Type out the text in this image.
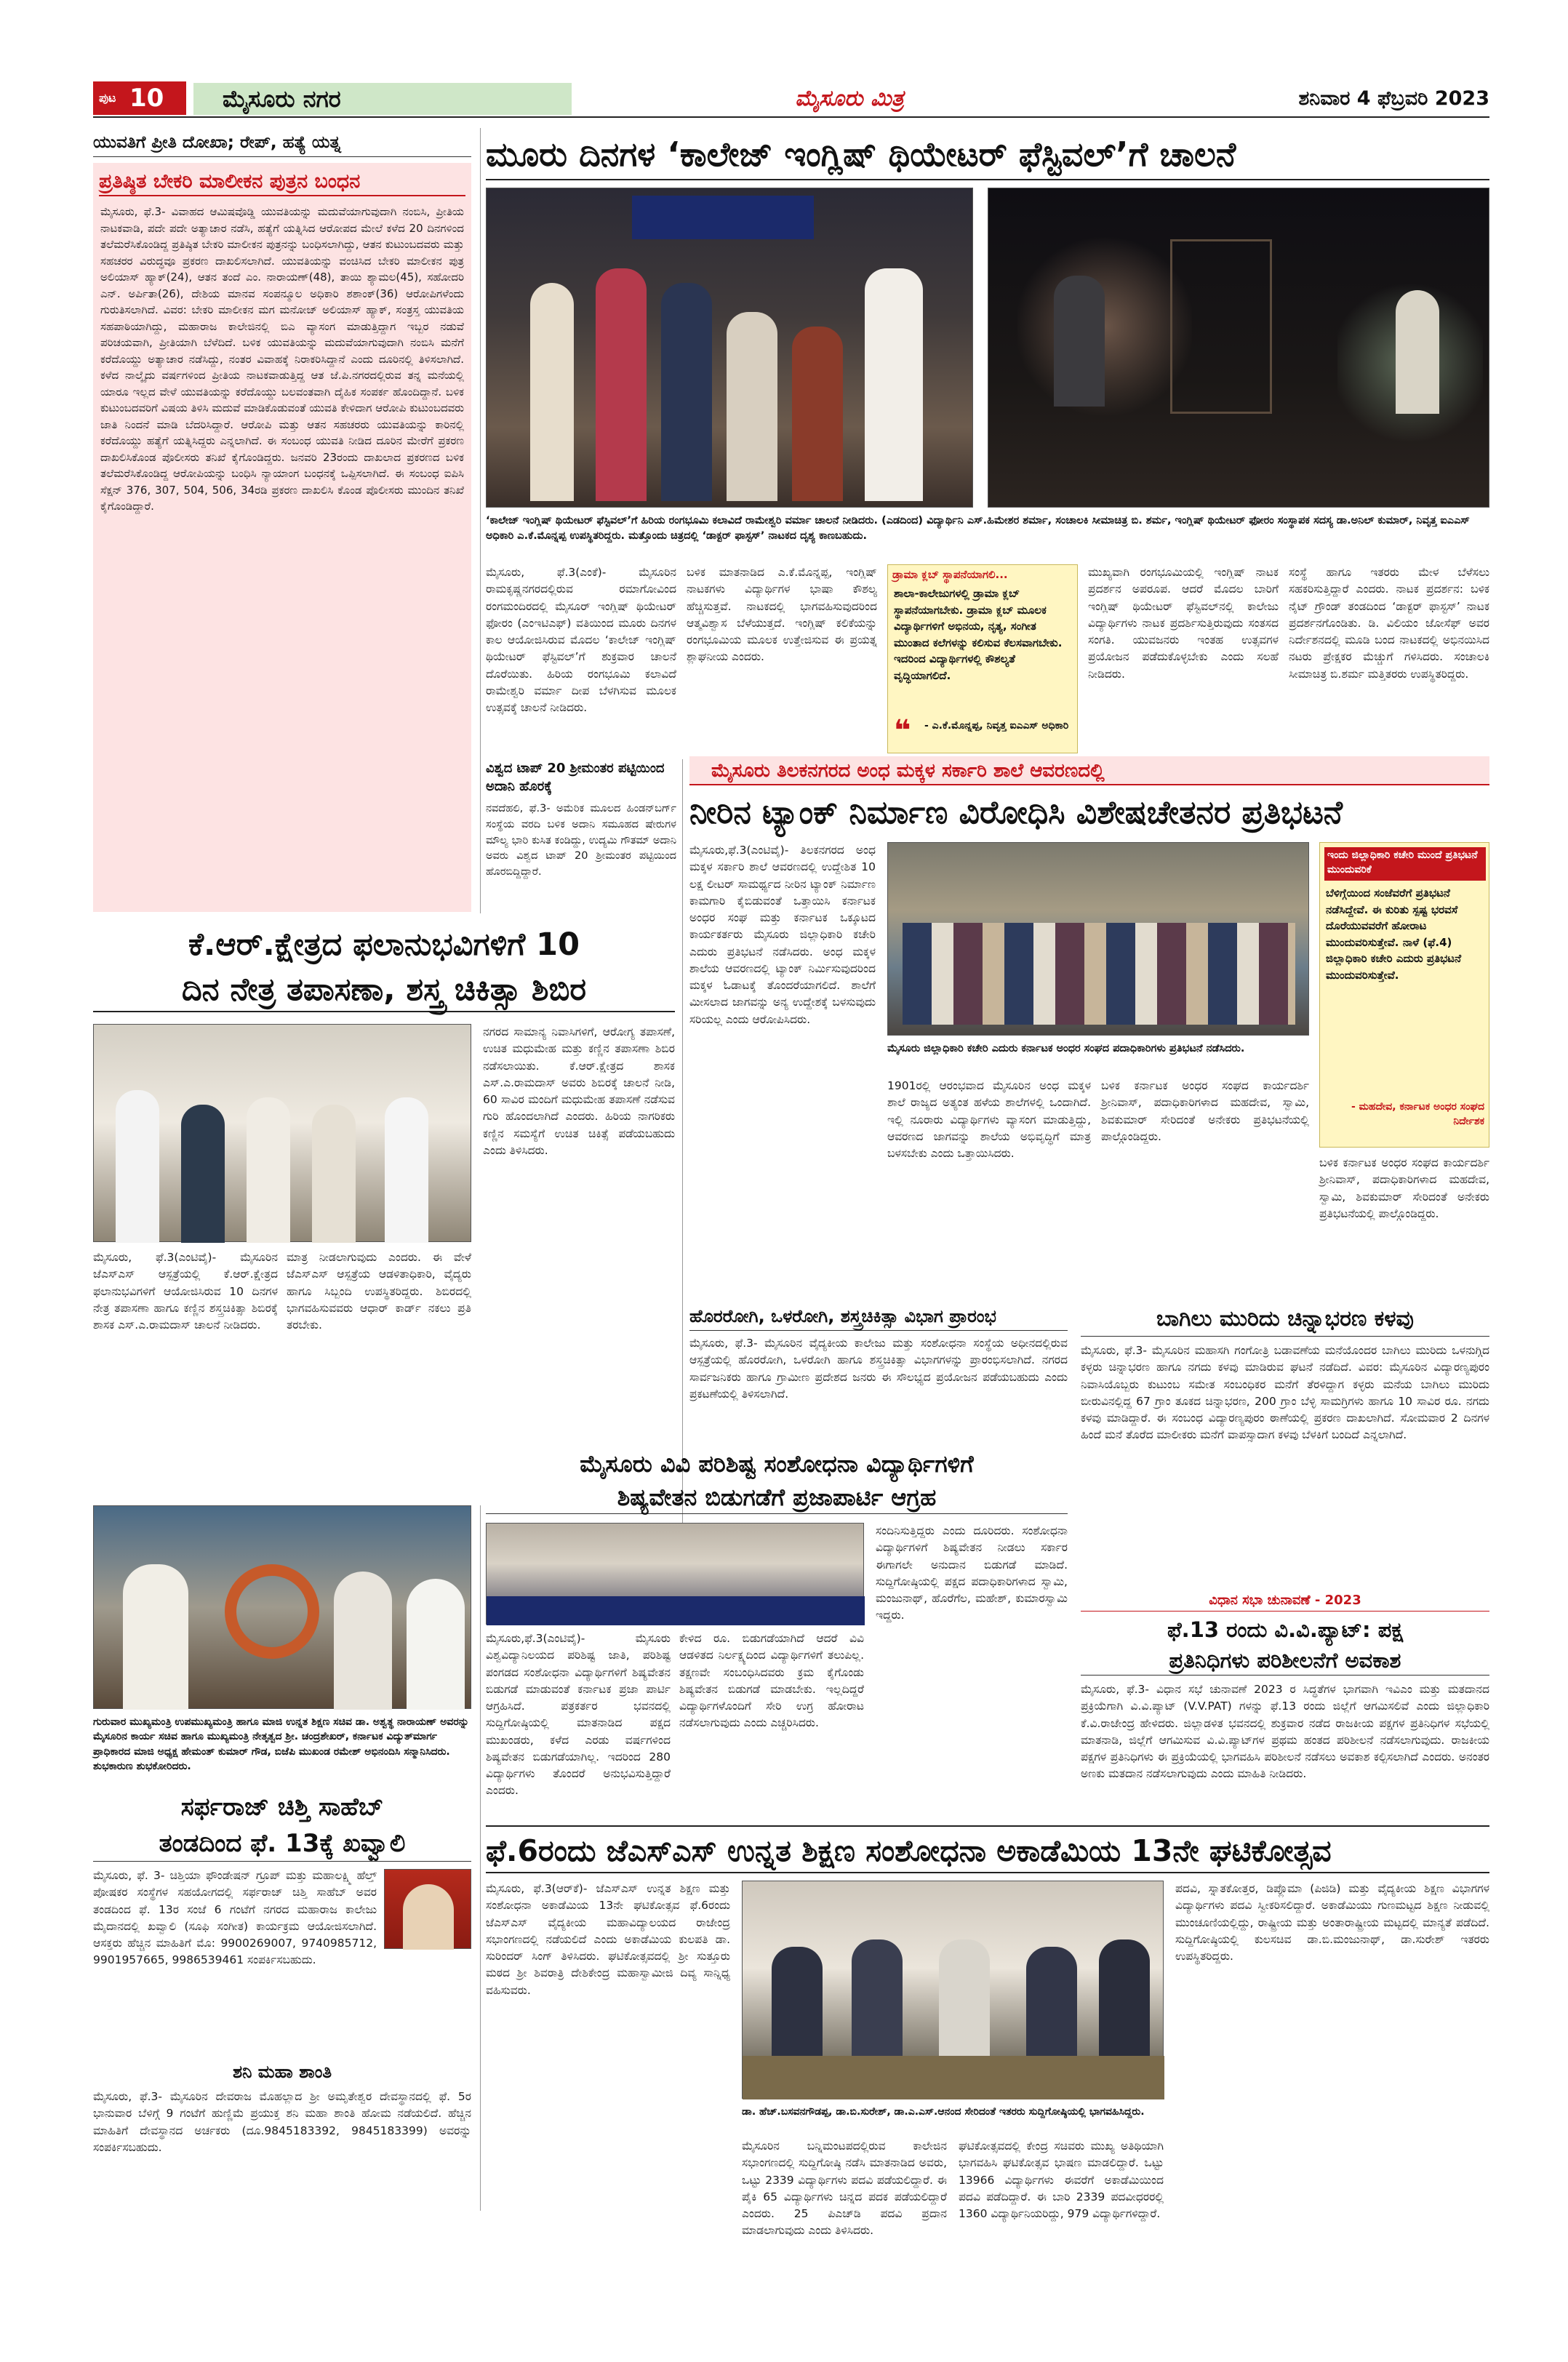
ಪುಟ 10	ಮೈಸೂರು ನಗರ	ಮೈಸೂರು ಮಿತ್ರ	ಶನಿವಾರ 4 ಫೆಬ್ರವರಿ 2023
ಯುವತಿಗೆ ಪ್ರೀತಿ ದೋಖಾ; ರೇಪ್, ಹತ್ಯೆ ಯತ್ನ
ಪ್ರತಿಷ್ಠಿತ ಬೇಕರಿ ಮಾಲೀಕನ ಪುತ್ರನ ಬಂಧನ
ಮೈಸೂರು, ಫೆ.3- ವಿವಾಹದ ಆಮಿಷವೊಡ್ಡಿ ಯುವತಿಯನ್ನು ಮದುವೆಯಾಗುವುದಾಗಿ ನಂಬಿಸಿ, ಪ್ರೀತಿಯ ನಾಟಕವಾಡಿ, ಪದೇ ಪದೇ ಅತ್ಯಾಚಾರ ನಡೆಸಿ, ಹತ್ಯೆಗೆ ಯತ್ನಿಸಿದ ಆರೋಪದ ಮೇಲೆ ಕಳೆದ 20 ದಿನಗಳಿಂದ ತಲೆಮರೆಸಿಕೊಂಡಿದ್ದ ಪ್ರತಿಷ್ಠಿತ ಬೇಕರಿ ಮಾಲೀಕನ ಪುತ್ರನನ್ನು ಬಂಧಿಸಲಾಗಿದ್ದು, ಆತನ ಕುಟುಂಬದವರು ಮತ್ತು ಸಹಚರರ ವಿರುದ್ಧವೂ ಪ್ರಕರಣ ದಾಖಲಿಸಲಾಗಿದೆ. ಯುವತಿಯನ್ನು ವಂಚಿಸಿದ ಬೇಕರಿ ಮಾಲೀಕನ ಪುತ್ರ ಅಲಿಯಾಸ್ ಹ್ಯಾಕ್(24), ಆತನ ತಂದೆ ಎಂ. ನಾರಾಯಣ್(48), ತಾಯಿ ಶ್ಯಾಮಲ(45), ಸಹೋದರಿ ಎನ್. ಅರ್ಪಿತಾ(26), ದೇಶಿಯ ಮಾನವ ಸಂಪನ್ಮೂಲ ಅಧಿಕಾರಿ ಶಶಾಂಕ್(36) ಆರೋಪಿಗಳೆಂದು ಗುರುತಿಸಲಾಗಿದೆ. ವಿವರ: ಬೇಕರಿ ಮಾಲೀಕನ ಮಗ ಮನೋಜ್ ಅಲಿಯಾಸ್ ಹ್ಯಾಕ್, ಸಂತ್ರಸ್ತ ಯುವತಿಯ ಸಹಪಾಠಿಯಾಗಿದ್ದು, ಮಹಾರಾಜ ಕಾಲೇಜಿನಲ್ಲಿ ಬಿಎ ವ್ಯಾಸಂಗ ಮಾಡುತ್ತಿದ್ದಾಗ ಇಬ್ಬರ ನಡುವೆ ಪರಿಚಯವಾಗಿ, ಪ್ರೀತಿಯಾಗಿ ಬೆಳೆದಿದೆ. ಬಳಿಕ ಯುವತಿಯನ್ನು ಮದುವೆಯಾಗುವುದಾಗಿ ನಂಬಿಸಿ ಮನೆಗೆ ಕರೆದೊಯ್ದು ಅತ್ಯಾಚಾರ ನಡೆಸಿದ್ದು, ನಂತರ ವಿವಾಹಕ್ಕೆ ನಿರಾಕರಿಸಿದ್ದಾನೆ ಎಂದು ದೂರಿನಲ್ಲಿ ತಿಳಿಸಲಾಗಿದೆ. ಕಳೆದ ನಾಲ್ಕೈದು ವರ್ಷಗಳಿಂದ ಪ್ರೀತಿಯ ನಾಟಕವಾಡುತ್ತಿದ್ದ ಆತ ಜೆ.ಪಿ.ನಗರದಲ್ಲಿರುವ ತನ್ನ ಮನೆಯಲ್ಲಿ ಯಾರೂ ಇಲ್ಲದ ವೇಳೆ ಯುವತಿಯನ್ನು ಕರೆದೊಯ್ದು ಬಲವಂತವಾಗಿ ದೈಹಿಕ ಸಂಪರ್ಕ ಹೊಂದಿದ್ದಾನೆ. ಬಳಿಕ ಕುಟುಂಬದವರಿಗೆ ವಿಷಯ ತಿಳಿಸಿ ಮದುವೆ ಮಾಡಿಕೊಡುವಂತೆ ಯುವತಿ ಕೇಳಿದಾಗ ಆರೋಪಿ ಕುಟುಂಬದವರು ಜಾತಿ ನಿಂದನೆ ಮಾಡಿ ಬೆದರಿಸಿದ್ದಾರೆ. ಆರೋಪಿ ಮತ್ತು ಆತನ ಸಹಚರರು ಯುವತಿಯನ್ನು ಕಾರಿನಲ್ಲಿ ಕರೆದೊಯ್ದು ಹತ್ಯೆಗೆ ಯತ್ನಿಸಿದ್ದರು ಎನ್ನಲಾಗಿದೆ. ಈ ಸಂಬಂಧ ಯುವತಿ ನೀಡಿದ ದೂರಿನ ಮೇರೆಗೆ ಪ್ರಕರಣ ದಾಖಲಿಸಿಕೊಂಡ ಪೊಲೀಸರು ತನಿಖೆ ಕೈಗೊಂಡಿದ್ದರು. ಜನವರಿ 23ರಂದು ದಾಖಲಾದ ಪ್ರಕರಣದ ಬಳಿಕ ತಲೆಮರೆಸಿಕೊಂಡಿದ್ದ ಆರೋಪಿಯನ್ನು ಬಂಧಿಸಿ ನ್ಯಾಯಾಂಗ ಬಂಧನಕ್ಕೆ ಒಪ್ಪಿಸಲಾಗಿದೆ. ಈ ಸಂಬಂಧ ಐಪಿಸಿ ಸೆಕ್ಷನ್ 376, 307, 504, 506, 34ರಡಿ ಪ್ರಕರಣ ದಾಖಲಿಸಿ ಕೊಂಡ ಪೊಲೀಸರು ಮುಂದಿನ ತನಿಖೆ ಕೈಗೊಂಡಿದ್ದಾರೆ.
ಮೂರು ದಿನಗಳ ‘ಕಾಲೇಜ್ ಇಂಗ್ಲಿಷ್ ಥಿಯೇಟರ್ ಫೆಸ್ಟಿವಲ್’ಗೆ ಚಾಲನೆ
‘ಕಾಲೇಜ್ ಇಂಗ್ಲಿಷ್ ಥಿಯೇಟರ್ ಫೆಸ್ಟಿವಲ್’ಗೆ ಹಿರಿಯ ರಂಗಭೂಮಿ ಕಲಾವಿದೆ ರಾಮೇಶ್ವರಿ ವರ್ಮಾ ಚಾಲನೆ ನೀಡಿದರು. (ಎಡದಿಂದ) ವಿದ್ಯಾರ್ಥಿನಿ ಎಸ್.ಹಿಮೇಶರ ಶರ್ಮಾ, ಸಂಚಾಲಕಿ ಸೀಮಾಚಿತ್ರ ಬಿ. ಶರ್ಮ, ಇಂಗ್ಲಿಷ್ ಥಿಯೇಟರ್ ಫೋರಂ ಸಂಸ್ಥಾಪಕ ಸದಸ್ಯ ಡಾ.ಅನಿಲ್ ಕುಮಾರ್, ನಿವೃತ್ತ ಐಎಎಸ್ ಅಧಿಕಾರಿ ಎ.ಕೆ.ಮೊನ್ನಪ್ಪ ಉಪಸ್ಥಿತರಿದ್ದರು. ಮತ್ತೊಂದು ಚಿತ್ರದಲ್ಲಿ ‘ಡಾಕ್ಟರ್ ಫಾಸ್ಟಸ್’ ನಾಟಕದ ದೃಶ್ಯ ಕಾಣಬಹುದು.
ಮೈಸೂರು, ಫೆ.3(ಎಂಕೆ)- ಮೈಸೂರಿನ ರಾಮಕೃಷ್ಣನಗರದಲ್ಲಿರುವ ರಮಾಗೋವಿಂದ ರಂಗಮಂದಿರದಲ್ಲಿ ಮೈಸೂರ್ ಇಂಗ್ಲಿಷ್ ಥಿಯೇಟರ್ ಫೋರಂ (ಎಂಇಟಿಎಫ್) ವತಿಯಿಂದ ಮೂರು ದಿನಗಳ ಕಾಲ ಆಯೋಜಿಸಿರುವ ಮೊದಲ ‘ಕಾಲೇಜ್ ಇಂಗ್ಲಿಷ್ ಥಿಯೇಟರ್ ಫೆಸ್ಟಿವಲ್’ಗೆ ಶುಕ್ರವಾರ ಚಾಲನೆ ದೊರೆಯಿತು. ಹಿರಿಯ ರಂಗಭೂಮಿ ಕಲಾವಿದೆ ರಾಮೇಶ್ವರಿ ವರ್ಮಾ ದೀಪ ಬೆಳಗಿಸುವ ಮೂಲಕ ಉತ್ಸವಕ್ಕೆ ಚಾಲನೆ ನೀಡಿದರು.
ಬಳಿಕ ಮಾತನಾಡಿದ ಎ.ಕೆ.ಮೊನ್ನಪ್ಪ, ಇಂಗ್ಲಿಷ್ ನಾಟಕಗಳು ವಿದ್ಯಾರ್ಥಿಗಳ ಭಾಷಾ ಕೌಶಲ್ಯ ಹೆಚ್ಚಿಸುತ್ತವೆ. ನಾಟಕದಲ್ಲಿ ಭಾಗವಹಿಸುವುದರಿಂದ ಆತ್ಮವಿಶ್ವಾಸ ಬೆಳೆಯುತ್ತದೆ. ಇಂಗ್ಲಿಷ್ ಕಲಿಕೆಯನ್ನು ರಂಗಭೂಮಿಯ ಮೂಲಕ ಉತ್ತೇಜಿಸುವ ಈ ಪ್ರಯತ್ನ ಶ್ಲಾಘನೀಯ ಎಂದರು.
ಡ್ರಾಮಾ ಕ್ಲಬ್ ಸ್ಥಾಪನೆಯಾಗಲಿ...
ಶಾಲಾ-ಕಾಲೇಜುಗಳಲ್ಲಿ ಡ್ರಾಮಾ ಕ್ಲಬ್ ಸ್ಥಾಪನೆಯಾಗಬೇಕು. ಡ್ರಾಮಾ ಕ್ಲಬ್ ಮೂಲಕ ವಿದ್ಯಾರ್ಥಿಗಳಿಗೆ ಅಭಿನಯ, ನೃತ್ಯ, ಸಂಗೀತ ಮುಂತಾದ ಕಲೆಗಳನ್ನು ಕಲಿಸುವ ಕೆಲಸವಾಗಬೇಕು. ಇದರಿಂದ ವಿದ್ಯಾರ್ಥಿಗಳಲ್ಲಿ ಕೌಶಲ್ಯತೆ ವೃದ್ಧಿಯಾಗಲಿದೆ.
❝ - ಎ.ಕೆ.ಮೊನ್ನಪ್ಪ, ನಿವೃತ್ತ ಐಎಎಸ್ ಅಧಿಕಾರಿ
ಮುಖ್ಯವಾಗಿ ರಂಗಭೂಮಿಯಲ್ಲಿ ಇಂಗ್ಲಿಷ್ ನಾಟಕ ಪ್ರದರ್ಶನ ಅಪರೂಪ. ಆದರೆ ಮೊದಲ ಬಾರಿಗೆ ಇಂಗ್ಲಿಷ್ ಥಿಯೇಟರ್ ಫೆಸ್ಟಿವಲ್‌ನಲ್ಲಿ ಕಾಲೇಜು ವಿದ್ಯಾರ್ಥಿಗಳು ನಾಟಕ ಪ್ರದರ್ಶಿಸುತ್ತಿರುವುದು ಸಂತಸದ ಸಂಗತಿ. ಯುವಜನರು ಇಂತಹ ಉತ್ಸವಗಳ ಪ್ರಯೋಜನ ಪಡೆದುಕೊಳ್ಳಬೇಕು ಎಂದು ಸಲಹೆ ನೀಡಿದರು.
ಸಂಸ್ಥೆ ಹಾಗೂ ಇತರರು ಮೇಳ ಬೆಳೆಸಲು ಸಹಕರಿಸುತ್ತಿದ್ದಾರೆ ಎಂದರು. ನಾಟಕ ಪ್ರದರ್ಶನ: ಬಳಿಕ ನೈಟ್ ಗ್ರೌಂಡ್ ತಂಡದಿಂದ ‘ಡಾಕ್ಟರ್ ಫಾಸ್ಟಸ್’ ನಾಟಕ ಪ್ರದರ್ಶನಗೊಂಡಿತು. ಡಿ. ವಿಲಿಯಂ ಜೋಸೆಫ್ ಅವರ ನಿರ್ದೇಶನದಲ್ಲಿ ಮೂಡಿ ಬಂದ ನಾಟಕದಲ್ಲಿ ಅಭಿನಯಿಸಿದ ನಟರು ಪ್ರೇಕ್ಷಕರ ಮೆಚ್ಚುಗೆ ಗಳಿಸಿದರು. ಸಂಚಾಲಕಿ ಸೀಮಾಚಿತ್ರ ಬಿ.ಶರ್ಮ ಮತ್ತಿತರರು ಉಪಸ್ಥಿತರಿದ್ದರು.
ವಿಶ್ವದ ಟಾಪ್ 20 ಶ್ರೀಮಂತರ ಪಟ್ಟಿಯಿಂದ ಅದಾನಿ ಹೊರಕ್ಕೆ
ನವದೆಹಲಿ, ಫೆ.3- ಅಮೆರಿಕ ಮೂಲದ ಹಿಂಡನ್‌ಬರ್ಗ್ ಸಂಸ್ಥೆಯ ವರದಿ ಬಳಿಕ ಅದಾನಿ ಸಮೂಹದ ಷೇರುಗಳ ಮೌಲ್ಯ ಭಾರಿ ಕುಸಿತ ಕಂಡಿದ್ದು, ಉದ್ಯಮಿ ಗೌತಮ್ ಅದಾನಿ ಅವರು ವಿಶ್ವದ ಟಾಪ್ 20 ಶ್ರೀಮಂತರ ಪಟ್ಟಿಯಿಂದ ಹೊರಬಿದ್ದಿದ್ದಾರೆ.
ಮೈಸೂರು ತಿಲಕನಗರದ ಅಂಧ ಮಕ್ಕಳ ಸರ್ಕಾರಿ ಶಾಲೆ ಆವರಣದಲ್ಲಿ
ನೀರಿನ ಟ್ಯಾಂಕ್ ನಿರ್ಮಾಣ ವಿರೋಧಿಸಿ ವಿಶೇಷಚೇತನರ ಪ್ರತಿಭಟನೆ
ಮೈಸೂರು,ಫೆ.3(ಎಂಟಿವೈ)- ತಿಲಕನಗರದ ಅಂಧ ಮಕ್ಕಳ ಸರ್ಕಾರಿ ಶಾಲೆ ಆವರಣದಲ್ಲಿ ಉದ್ದೇಶಿತ 10 ಲಕ್ಷ ಲೀಟರ್ ಸಾಮರ್ಥ್ಯದ ನೀರಿನ ಟ್ಯಾಂಕ್ ನಿರ್ಮಾಣ ಕಾಮಗಾರಿ ಕೈಬಿಡುವಂತೆ ಒತ್ತಾಯಿಸಿ ಕರ್ನಾಟಕ ಅಂಧರ ಸಂಘ ಮತ್ತು ಕರ್ನಾಟಕ ಒಕ್ಕೂಟದ ಕಾರ್ಯಕರ್ತರು ಮೈಸೂರು ಜಿಲ್ಲಾಧಿಕಾರಿ ಕಚೇರಿ ಎದುರು ಪ್ರತಿಭಟನೆ ನಡೆಸಿದರು. ಅಂಧ ಮಕ್ಕಳ ಶಾಲೆಯ ಆವರಣದಲ್ಲಿ ಟ್ಯಾಂಕ್ ನಿರ್ಮಿಸುವುದರಿಂದ ಮಕ್ಕಳ ಓಡಾಟಕ್ಕೆ ತೊಂದರೆಯಾಗಲಿದೆ. ಶಾಲೆಗೆ ಮೀಸಲಾದ ಜಾಗವನ್ನು ಅನ್ಯ ಉದ್ದೇಶಕ್ಕೆ ಬಳಸುವುದು ಸರಿಯಲ್ಲ ಎಂದು ಆರೋಪಿಸಿದರು.
ಮೈಸೂರು ಜಿಲ್ಲಾಧಿಕಾರಿ ಕಚೇರಿ ಎದುರು ಕರ್ನಾಟಕ ಅಂಧರ ಸಂಘದ ಪದಾಧಿಕಾರಿಗಳು ಪ್ರತಿಭಟನೆ ನಡೆಸಿದರು.
1901ರಲ್ಲಿ ಆರಂಭವಾದ ಮೈಸೂರಿನ ಅಂಧ ಮಕ್ಕಳ ಶಾಲೆ ರಾಜ್ಯದ ಅತ್ಯಂತ ಹಳೆಯ ಶಾಲೆಗಳಲ್ಲಿ ಒಂದಾಗಿದೆ. ಇಲ್ಲಿ ನೂರಾರು ವಿದ್ಯಾರ್ಥಿಗಳು ವ್ಯಾಸಂಗ ಮಾಡುತ್ತಿದ್ದು, ಆವರಣದ ಜಾಗವನ್ನು ಶಾಲೆಯ ಅಭಿವೃದ್ಧಿಗೆ ಮಾತ್ರ ಬಳಸಬೇಕು ಎಂದು ಒತ್ತಾಯಿಸಿದರು.
ಇಂದು ಜಿಲ್ಲಾಧಿಕಾರಿ ಕಚೇರಿ ಮುಂದೆ ಪ್ರತಿಭಟನೆ ಮುಂದುವರಿಕೆ
ಬೆಳಿಗ್ಗೆಯಿಂದ ಸಂಜೆವರೆಗೆ ಪ್ರತಿಭಟನೆ ನಡೆಸಿದ್ದೇವೆ. ಈ ಕುರಿತು ಸ್ಪಷ್ಟ ಭರವಸೆ ದೊರೆಯುವವರೆಗೆ ಹೋರಾಟ ಮುಂದುವರಿಸುತ್ತೇವೆ. ನಾಳೆ (ಫೆ.4) ಜಿಲ್ಲಾಧಿಕಾರಿ ಕಚೇರಿ ಎದುರು ಪ್ರತಿಭಟನೆ ಮುಂದುವರಿಸುತ್ತೇವೆ.
- ಮಹದೇವ, ಕರ್ನಾಟಕ ಅಂಧರ ಸಂಘದ ನಿರ್ದೇಶಕ
ಬಳಿಕ ಕರ್ನಾಟಕ ಅಂಧರ ಸಂಘದ ಕಾರ್ಯದರ್ಶಿ ಶ್ರೀನಿವಾಸ್, ಪದಾಧಿಕಾರಿಗಳಾದ ಮಹದೇವ, ಸ್ವಾಮಿ, ಶಿವಕುಮಾರ್ ಸೇರಿದಂತೆ ಅನೇಕರು ಪ್ರತಿಭಟನೆಯಲ್ಲಿ ಪಾಲ್ಗೊಂಡಿದ್ದರು.
ಬಳಿಕ ಕರ್ನಾಟಕ ಅಂಧರ ಸಂಘದ ಕಾರ್ಯದರ್ಶಿ ಶ್ರೀನಿವಾಸ್, ಪದಾಧಿಕಾರಿಗಳಾದ ಮಹದೇವ, ಸ್ವಾಮಿ, ಶಿವಕುಮಾರ್ ಸೇರಿದಂತೆ ಅನೇಕರು ಪ್ರತಿಭಟನೆಯಲ್ಲಿ ಪಾಲ್ಗೊಂಡಿದ್ದರು.
ಕೆ.ಆರ್.ಕ್ಷೇತ್ರದ ಫಲಾನುಭವಿಗಳಿಗೆ 10
ದಿನ ನೇತ್ರ ತಪಾಸಣಾ, ಶಸ್ತ್ರ ಚಿಕಿತ್ಸಾ ಶಿಬಿರ
ನಗರದ ಸಾಮಾನ್ಯ ನಿವಾಸಿಗಳಿಗೆ, ಆರೋಗ್ಯ ತಪಾಸಣೆ, ಉಚಿತ ಮಧುಮೇಹ ಮತ್ತು ಕಣ್ಣಿನ ತಪಾಸಣಾ ಶಿಬಿರ ನಡೆಸಲಾಯಿತು. ಕೆ.ಆರ್.ಕ್ಷೇತ್ರದ ಶಾಸಕ ಎಸ್.ಎ.ರಾಮದಾಸ್ ಅವರು ಶಿಬಿರಕ್ಕೆ ಚಾಲನೆ ನೀಡಿ, 60 ಸಾವಿರ ಮಂದಿಗೆ ಮಧುಮೇಹ ತಪಾಸಣೆ ನಡೆಸುವ ಗುರಿ ಹೊಂದಲಾಗಿದೆ ಎಂದರು. ಹಿರಿಯ ನಾಗರಿಕರು ಕಣ್ಣಿನ ಸಮಸ್ಯೆಗೆ ಉಚಿತ ಚಿಕಿತ್ಸೆ ಪಡೆಯಬಹುದು ಎಂದು ತಿಳಿಸಿದರು.
ಮೈಸೂರು, ಫೆ.3(ಎಂಟಿವೈ)- ಮೈಸೂರಿನ ಜೆಎಸ್‌ಎಸ್ ಆಸ್ಪತ್ರೆಯಲ್ಲಿ ಕೆ.ಆರ್.ಕ್ಷೇತ್ರದ ಫಲಾನುಭವಿಗಳಿಗೆ ಆಯೋಜಿಸಿರುವ 10 ದಿನಗಳ ನೇತ್ರ ತಪಾಸಣಾ ಹಾಗೂ ಕಣ್ಣಿನ ಶಸ್ತ್ರಚಿಕಿತ್ಸಾ ಶಿಬಿರಕ್ಕೆ ಶಾಸಕ ಎಸ್.ಎ.ರಾಮದಾಸ್ ಚಾಲನೆ ನೀಡಿದರು.
ಮಾತ್ರ ನೀಡಲಾಗುವುದು ಎಂದರು. ಈ ವೇಳೆ ಜೆಎಸ್‌ಎಸ್ ಆಸ್ಪತ್ರೆಯ ಆಡಳಿತಾಧಿಕಾರಿ, ವೈದ್ಯರು ಹಾಗೂ ಸಿಬ್ಬಂದಿ ಉಪಸ್ಥಿತರಿದ್ದರು. ಶಿಬಿರದಲ್ಲಿ ಭಾಗವಹಿಸುವವರು ಆಧಾರ್ ಕಾರ್ಡ್ ನಕಲು ಪ್ರತಿ ತರಬೇಕು.	ಹೊರರೋಗಿ, ಒಳರೋಗಿ, ಶಸ್ತ್ರಚಿಕಿತ್ಸಾ ವಿಭಾಗ ಪ್ರಾರಂಭ
ಮೈಸೂರು, ಫೆ.3- ಮೈಸೂರಿನ ವೈದ್ಯಕೀಯ ಕಾಲೇಜು ಮತ್ತು ಸಂಶೋಧನಾ ಸಂಸ್ಥೆಯ ಅಧೀನದಲ್ಲಿರುವ ಆಸ್ಪತ್ರೆಯಲ್ಲಿ ಹೊರರೋಗಿ, ಒಳರೋಗಿ ಹಾಗೂ ಶಸ್ತ್ರಚಿಕಿತ್ಸಾ ವಿಭಾಗಗಳನ್ನು ಪ್ರಾರಂಭಿಸಲಾಗಿದೆ. ನಗರದ ಸಾರ್ವಜನಿಕರು ಹಾಗೂ ಗ್ರಾಮೀಣ ಪ್ರದೇಶದ ಜನರು ಈ ಸೌಲಭ್ಯದ ಪ್ರಯೋಜನ ಪಡೆಯಬಹುದು ಎಂದು ಪ್ರಕಟಣೆಯಲ್ಲಿ ತಿಳಿಸಲಾಗಿದೆ.
ಬಾಗಿಲು ಮುರಿದು ಚಿನ್ನಾಭರಣ ಕಳವು
ಮೈಸೂರು, ಫೆ.3- ಮೈಸೂರಿನ ಮಹಾಸಗಿ ಗಂಗೋತ್ರಿ ಬಡಾವಣೆಯ ಮನೆಯೊಂದರ ಬಾಗಿಲು ಮುರಿದು ಒಳನುಗ್ಗಿದ ಕಳ್ಳರು ಚಿನ್ನಾಭರಣ ಹಾಗೂ ನಗದು ಕಳವು ಮಾಡಿರುವ ಘಟನೆ ನಡೆದಿದೆ. ವಿವರ: ಮೈಸೂರಿನ ವಿದ್ಯಾರಣ್ಯಪುರಂ ನಿವಾಸಿಯೊಬ್ಬರು ಕುಟುಂಬ ಸಮೇತ ಸಂಬಂಧಿಕರ ಮನೆಗೆ ತೆರಳಿದ್ದಾಗ ಕಳ್ಳರು ಮನೆಯ ಬಾಗಿಲು ಮುರಿದು ಬೀರುವಿನಲ್ಲಿದ್ದ 67 ಗ್ರಾಂ ತೂಕದ ಚಿನ್ನಾಭರಣ, 200 ಗ್ರಾಂ ಬೆಳ್ಳಿ ಸಾಮಗ್ರಿಗಳು ಹಾಗೂ 10 ಸಾವಿರ ರೂ. ನಗದು ಕಳವು ಮಾಡಿದ್ದಾರೆ. ಈ ಸಂಬಂಧ ವಿದ್ಯಾರಣ್ಯಪುರಂ ಠಾಣೆಯಲ್ಲಿ ಪ್ರಕರಣ ದಾಖಲಾಗಿದೆ. ಸೋಮವಾರ 2 ದಿನಗಳ ಹಿಂದೆ ಮನೆ ತೊರೆದ ಮಾಲೀಕರು ಮನೆಗೆ ವಾಪಸ್ಸಾದಾಗ ಕಳವು ಬೆಳಕಿಗೆ ಬಂದಿದೆ ಎನ್ನಲಾಗಿದೆ.
ಮೈಸೂರು ವಿವಿ ಪರಿಶಿಷ್ಟ ಸಂಶೋಧನಾ ವಿದ್ಯಾರ್ಥಿಗಳಿಗೆ
ಶಿಷ್ಯವೇತನ ಬಿಡುಗಡೆಗೆ ಪ್ರಜಾಪಾರ್ಟಿ ಆಗ್ರಹ
ಮೈಸೂರು,ಫೆ.3(ಎಂಟಿವೈ)- ಮೈಸೂರು ವಿಶ್ವವಿದ್ಯಾನಿಲಯದ ಪರಿಶಿಷ್ಟ ಜಾತಿ, ಪರಿಶಿಷ್ಟ ಪಂಗಡದ ಸಂಶೋಧನಾ ವಿದ್ಯಾರ್ಥಿಗಳಿಗೆ ಶಿಷ್ಯವೇತನ ಬಿಡುಗಡೆ ಮಾಡುವಂತೆ ಕರ್ನಾಟಕ ಪ್ರಜಾ ಪಾರ್ಟಿ ಆಗ್ರಹಿಸಿದೆ. ಪತ್ರಕರ್ತರ ಭವನದಲ್ಲಿ ಸುದ್ದಿಗೋಷ್ಠಿಯಲ್ಲಿ ಮಾತನಾಡಿದ ಪಕ್ಷದ ಮುಖಂಡರು, ಕಳೆದ ಎರಡು ವರ್ಷಗಳಿಂದ ಶಿಷ್ಯವೇತನ ಬಿಡುಗಡೆಯಾಗಿಲ್ಲ. ಇದರಿಂದ 280 ವಿದ್ಯಾರ್ಥಿಗಳು ತೊಂದರೆ ಅನುಭವಿಸುತ್ತಿದ್ದಾರೆ ಎಂದರು.
ಕೇಳಿದ ರೂ. ಬಿಡುಗಡೆಯಾಗಿದೆ ಆದರೆ ವಿವಿ ಆಡಳಿತದ ನಿರ್ಲಕ್ಷ್ಯದಿಂದ ವಿದ್ಯಾರ್ಥಿಗಳಿಗೆ ತಲುಪಿಲ್ಲ. ತಕ್ಷಣವೇ ಸಂಬಂಧಿಸಿದವರು ಕ್ರಮ ಕೈಗೊಂಡು ಶಿಷ್ಯವೇತನ ಬಿಡುಗಡೆ ಮಾಡಬೇಕು. ಇಲ್ಲದಿದ್ದರೆ ವಿದ್ಯಾರ್ಥಿಗಳೊಂದಿಗೆ ಸೇರಿ ಉಗ್ರ ಹೋರಾಟ ನಡೆಸಲಾಗುವುದು ಎಂದು ಎಚ್ಚರಿಸಿದರು.
ಸಂದಿನಿಸುತ್ತಿದ್ದರು ಎಂದು ದೂರಿದರು. ಸಂಶೋಧನಾ ವಿದ್ಯಾರ್ಥಿಗಳಿಗೆ ಶಿಷ್ಯವೇತನ ನೀಡಲು ಸರ್ಕಾರ ಈಗಾಗಲೇ ಅನುದಾನ ಬಿಡುಗಡೆ ಮಾಡಿದೆ. ಸುದ್ದಿಗೋಷ್ಠಿಯಲ್ಲಿ ಪಕ್ಷದ ಪದಾಧಿಕಾರಿಗಳಾದ ಸ್ವಾಮಿ, ಮಂಜುನಾಥ್, ಹೊರೆಗೆಲ, ಮಹೇಶ್, ಕುಮಾರಸ್ವಾಮಿ ಇದ್ದರು.
ಗುರುವಾರ ಮುಖ್ಯಮಂತ್ರಿ ಉಪಮುಖ್ಯಮಂತ್ರಿ ಹಾಗೂ ಮಾಜಿ ಉನ್ನತ ಶಿಕ್ಷಣ ಸಚಿವ ಡಾ. ಅಶ್ವತ್ಥ ನಾರಾಯಣ್ ಅವರನ್ನು ಮೈಸೂರಿನ ಕಾರ್ಯ ಸಚಿವ ಹಾಗೂ ಮುಖ್ಯಮಂತ್ರಿ ನೇತೃತ್ವದ ಶ್ರೀ. ಚಂದ್ರಶೇಖರ್, ಕರ್ನಾಟಕ ವಿದ್ಯುತ್‌ಮಾರ್ಗ ಪ್ರಾಧಿಕಾರದ ಮಾಜಿ ಅಧ್ಯಕ್ಷ ಹೇಮಂತ್ ಕುಮಾರ್ ಗೌಡ, ಬಿಜೆಪಿ ಮುಖಂಡ ರಮೇಶ್ ಅಭಿನಂದಿಸಿ ಸನ್ಮಾನಿಸಿದರು. ಶುಭಕಾರುಣ ಶುಭಕೋರಿದರು.
ವಿಧಾನ ಸಭಾ ಚುನಾವಣೆ - 2023
ಫೆ.13 ರಂದು ವಿ.ವಿ.ಪ್ಯಾಟ್: ಪಕ್ಷ
ಪ್ರತಿನಿಧಿಗಳು ಪರಿಶೀಲನೆಗೆ ಅವಕಾಶ
ಮೈಸೂರು, ಫೆ.3- ವಿಧಾನ ಸಭೆ ಚುನಾವಣೆ 2023 ರ ಸಿದ್ಧತೆಗಳ ಭಾಗವಾಗಿ ಇವಿಎಂ ಮತ್ತು ಮತದಾನದ ಪ್ರಕ್ರಿಯೆಗಾಗಿ ವಿ.ವಿ.ಪ್ಯಾಟ್ (V.V.PAT) ಗಳನ್ನು ಫೆ.13 ರಂದು ಜಿಲ್ಲೆಗೆ ಆಗಮಿಸಲಿವೆ ಎಂದು ಜಿಲ್ಲಾಧಿಕಾರಿ ಕೆ.ವಿ.ರಾಜೇಂದ್ರ ಹೇಳಿದರು. ಜಿಲ್ಲಾಡಳಿತ ಭವನದಲ್ಲಿ ಶುಕ್ರವಾರ ನಡೆದ ರಾಜಕೀಯ ಪಕ್ಷಗಳ ಪ್ರತಿನಿಧಿಗಳ ಸಭೆಯಲ್ಲಿ ಮಾತನಾಡಿ, ಜಿಲ್ಲೆಗೆ ಆಗಮಿಸುವ ವಿ.ವಿ.ಪ್ಯಾಟ್‌ಗಳ ಪ್ರಥಮ ಹಂತದ ಪರಿಶೀಲನೆ ನಡೆಸಲಾಗುವುದು. ರಾಜಕೀಯ ಪಕ್ಷಗಳ ಪ್ರತಿನಿಧಿಗಳು ಈ ಪ್ರಕ್ರಿಯೆಯಲ್ಲಿ ಭಾಗವಹಿಸಿ ಪರಿಶೀಲನೆ ನಡೆಸಲು ಅವಕಾಶ ಕಲ್ಪಿಸಲಾಗಿದೆ ಎಂದರು. ಅನಂತರ ಅಣಕು ಮತದಾನ ನಡೆಸಲಾಗುವುದು ಎಂದು ಮಾಹಿತಿ ನೀಡಿದರು.
ಸರ್ಫರಾಜ್ ಚಿಶ್ತಿ ಸಾಹೆಬ್
ತಂಡದಿಂದ ಫೆ. 13ಕ್ಕೆ ಖವ್ವಾಲಿ
ಮೈಸೂರು, ಫೆ. 3- ಚಿಶ್ತಿಯಾ ಫೌಂಡೇಷನ್ ಗ್ರೂಪ್ ಮತ್ತು ಮಹಾಲಕ್ಷ್ಮಿ ಹೆಲ್ತ್ ಪೋಷಕರ ಸಂಸ್ಥೆಗಳ ಸಹಯೋಗದಲ್ಲಿ ಸರ್ಫರಾಜ್ ಚಿಶ್ತಿ ಸಾಹೆಬ್ ಅವರ ತಂಡದಿಂದ ಫೆ. 13ರ ಸಂಜೆ 6 ಗಂಟೆಗೆ ನಗರದ ಮಹಾರಾಜ ಕಾಲೇಜು ಮೈದಾನದಲ್ಲಿ ಖವ್ವಾಲಿ (ಸೂಫಿ ಸಂಗೀತ) ಕಾರ್ಯಕ್ರಮ ಆಯೋಜಿಸಲಾಗಿದೆ. ಆಸಕ್ತರು ಹೆಚ್ಚಿನ ಮಾಹಿತಿಗೆ ಮೊ: 9900269007, 9740985712, 9901957665, 9986539461 ಸಂಪರ್ಕಿಸಬಹುದು.
ಶನಿ ಮಹಾ ಶಾಂತಿ
ಮೈಸೂರು, ಫೆ.3- ಮೈಸೂರಿನ ದೇವರಾಜ ಮೊಹಲ್ಲಾದ ಶ್ರೀ ಅಮೃತೇಶ್ವರ ದೇವಸ್ಥಾನದಲ್ಲಿ ಫೆ. 5ರ ಭಾನುವಾರ ಬೆಳಿಗ್ಗೆ 9 ಗಂಟೆಗೆ ಹುಣ್ಣಿಮೆ ಪ್ರಯುಕ್ತ ಶನಿ ಮಹಾ ಶಾಂತಿ ಹೋಮ ನಡೆಯಲಿದೆ. ಹೆಚ್ಚಿನ ಮಾಹಿತಿಗೆ ದೇವಸ್ಥಾನದ ಅರ್ಚಕರು (ದೂ.9845183392, 9845183399) ಅವರನ್ನು ಸಂಪರ್ಕಿಸಬಹುದು.
ಫೆ.6ರಂದು ಜೆಎಸ್‌ಎಸ್ ಉನ್ನತ ಶಿಕ್ಷಣ ಸಂಶೋಧನಾ ಅಕಾಡೆಮಿಯ 13ನೇ ಘಟಿಕೋತ್ಸವ
ಮೈಸೂರು, ಫೆ.3(ಆರ್‌ಕೆ)- ಜೆಎಸ್‌ಎಸ್ ಉನ್ನತ ಶಿಕ್ಷಣ ಮತ್ತು ಸಂಶೋಧನಾ ಅಕಾಡೆಮಿಯ 13ನೇ ಘಟಿಕೋತ್ಸವ ಫೆ.6ರಂದು ಜೆಎಸ್‌ಎಸ್ ವೈದ್ಯಕೀಯ ಮಹಾವಿದ್ಯಾಲಯದ ರಾಜೇಂದ್ರ ಸಭಾಂಗಣದಲ್ಲಿ ನಡೆಯಲಿದೆ ಎಂದು ಅಕಾಡೆಮಿಯ ಕುಲಪತಿ ಡಾ. ಸುರಿಂದರ್ ಸಿಂಗ್ ತಿಳಿಸಿದರು. ಘಟಿಕೋತ್ಸವದಲ್ಲಿ ಶ್ರೀ ಸುತ್ತೂರು ಮಠದ ಶ್ರೀ ಶಿವರಾತ್ರಿ ದೇಶಿಕೇಂದ್ರ ಮಹಾಸ್ವಾಮೀಜಿ ದಿವ್ಯ ಸಾನ್ನಿಧ್ಯ ವಹಿಸುವರು.
ಡಾ. ಹೆಚ್.ಬಸವನಗೌಡಪ್ಪ, ಡಾ.ಬಿ.ಸುರೇಶ್, ಡಾ.ಎ.ಎಸ್.ಆನಂದ ಸೇರಿದಂತೆ ಇತರರು ಸುದ್ದಿಗೋಷ್ಠಿಯಲ್ಲಿ ಭಾಗವಹಿಸಿದ್ದರು.
ಮೈಸೂರಿನ ಬನ್ನಿಮಂಟಪದಲ್ಲಿರುವ ಕಾಲೇಜಿನ ಸಭಾಂಗಣದಲ್ಲಿ ಸುದ್ದಿಗೋಷ್ಠಿ ನಡೆಸಿ ಮಾತನಾಡಿದ ಅವರು, ಒಟ್ಟು 2339 ವಿದ್ಯಾರ್ಥಿಗಳು ಪದವಿ ಪಡೆಯಲಿದ್ದಾರೆ. ಈ ಪೈಕಿ 65 ವಿದ್ಯಾರ್ಥಿಗಳು ಚಿನ್ನದ ಪದಕ ಪಡೆಯಲಿದ್ದಾರೆ ಎಂದರು. 25 ಪಿಎಚ್‌ಡಿ ಪದವಿ ಪ್ರದಾನ ಮಾಡಲಾಗುವುದು ಎಂದು ತಿಳಿಸಿದರು.
ಘಟಿಕೋತ್ಸವದಲ್ಲಿ ಕೇಂದ್ರ ಸಚಿವರು ಮುಖ್ಯ ಅತಿಥಿಯಾಗಿ ಭಾಗವಹಿಸಿ ಘಟಿಕೋತ್ಸವ ಭಾಷಣ ಮಾಡಲಿದ್ದಾರೆ. ಒಟ್ಟು 13966 ವಿದ್ಯಾರ್ಥಿಗಳು ಈವರೆಗೆ ಅಕಾಡೆಮಿಯಿಂದ ಪದವಿ ಪಡೆದಿದ್ದಾರೆ. ಈ ಬಾರಿ 2339 ಪದವೀಧರರಲ್ಲಿ 1360 ವಿದ್ಯಾರ್ಥಿನಿಯರಿದ್ದು, 979 ವಿದ್ಯಾರ್ಥಿಗಳಿದ್ದಾರೆ.
ಪದವಿ, ಸ್ನಾತಕೋತ್ತರ, ಡಿಪ್ಲೊಮಾ (ಪಿಜಿಡಿ) ಮತ್ತು ವೈದ್ಯಕೀಯ ಶಿಕ್ಷಣ ವಿಭಾಗಗಳ ವಿದ್ಯಾರ್ಥಿಗಳು ಪದವಿ ಸ್ವೀಕರಿಸಲಿದ್ದಾರೆ. ಅಕಾಡೆಮಿಯು ಗುಣಮಟ್ಟದ ಶಿಕ್ಷಣ ನೀಡುವಲ್ಲಿ ಮುಂಚೂಣಿಯಲ್ಲಿದ್ದು, ರಾಷ್ಟ್ರೀಯ ಮತ್ತು ಅಂತಾರಾಷ್ಟ್ರೀಯ ಮಟ್ಟದಲ್ಲಿ ಮಾನ್ಯತೆ ಪಡೆದಿದೆ. ಸುದ್ದಿಗೋಷ್ಠಿಯಲ್ಲಿ ಕುಲಸಚಿವ ಡಾ.ಬಿ.ಮಂಜುನಾಥ್, ಡಾ.ಸುರೇಶ್ ಇತರರು ಉಪಸ್ಥಿತರಿದ್ದರು.
